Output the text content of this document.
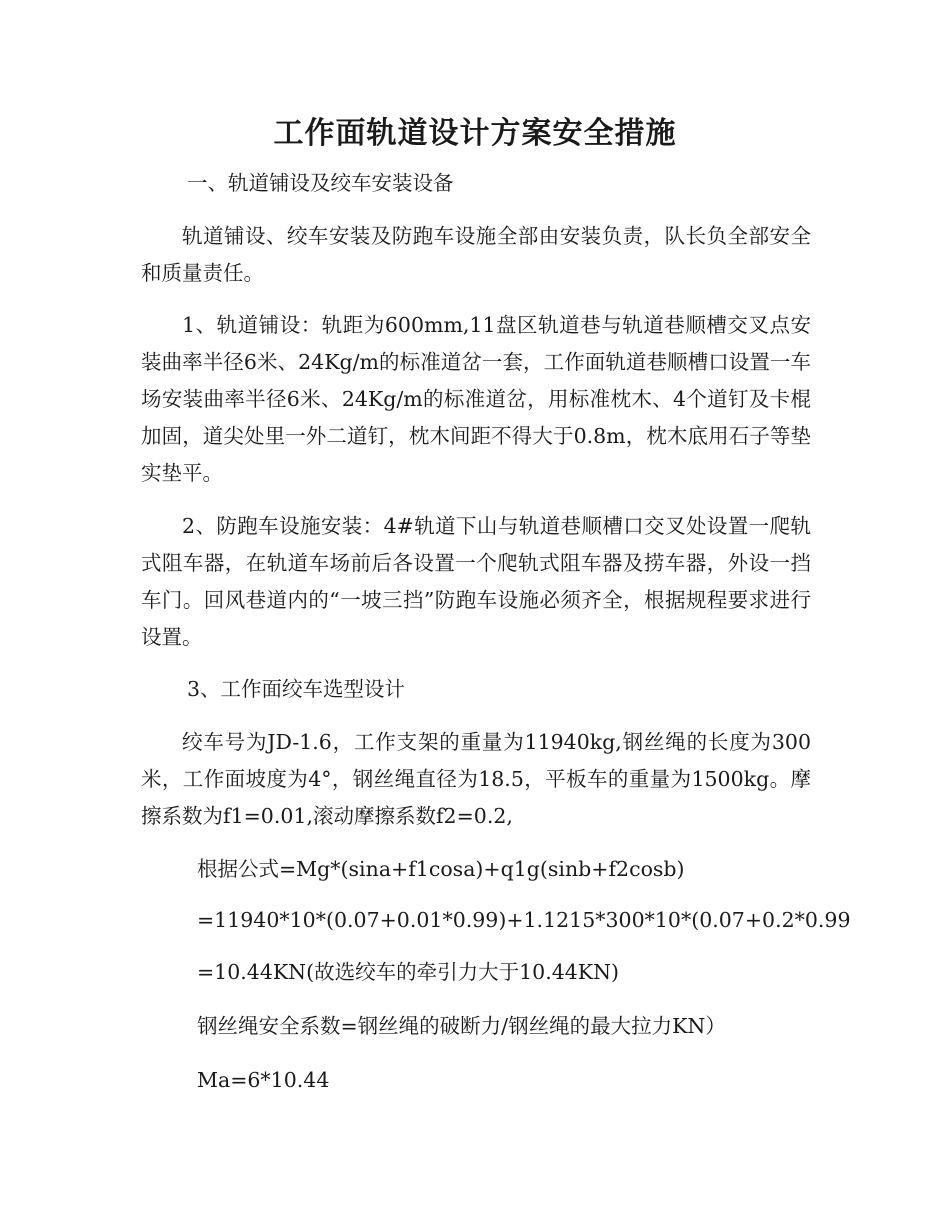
工作面轨道设计方案安全措施

一、轨道铺设及绞车安装设备

轨道铺设、绞车安装及防跑车设施全部由安装负责，队长负全部安全和质量责任。

1、轨道铺设：轨距为600mm,11盘区轨道巷与轨道巷顺槽交叉点安装曲率半径6米、24Kg/m的标准道岔一套，工作面轨道巷顺槽口设置一车场安装曲率半径6米、24Kg/m的标准道岔，用标准枕木、4个道钉及卡棍加固，道尖处里一外二道钉，枕木间距不得大于0.8m，枕木底用石子等垫实垫平。

2、防跑车设施安装：4#轨道下山与轨道巷顺槽口交叉处设置一爬轨式阻车器，在轨道车场前后各设置一个爬轨式阻车器及捞车器，外设一挡车门。回风巷道内的“一坡三挡”防跑车设施必须齐全，根据规程要求进行设置。

3、工作面绞车选型设计

绞车号为JD-1.6，工作支架的重量为11940kg,钢丝绳的长度为300米，工作面坡度为4°，钢丝绳直径为18.5，平板车的重量为1500kg。摩擦系数为f1=0.01,滚动摩擦系数f2=0.2,

根据公式=Mg*(sina+f1cosa)+q1g(sinb+f2cosb)

=11940*10*(0.07+0.01*0.99)+1.1215*300*10*(0.07+0.2*0.99

=10.44KN(故选绞车的牵引力大于10.44KN)

钢丝绳安全系数=钢丝绳的破断力/钢丝绳的最大拉力KN）

Ma=6*10.44
